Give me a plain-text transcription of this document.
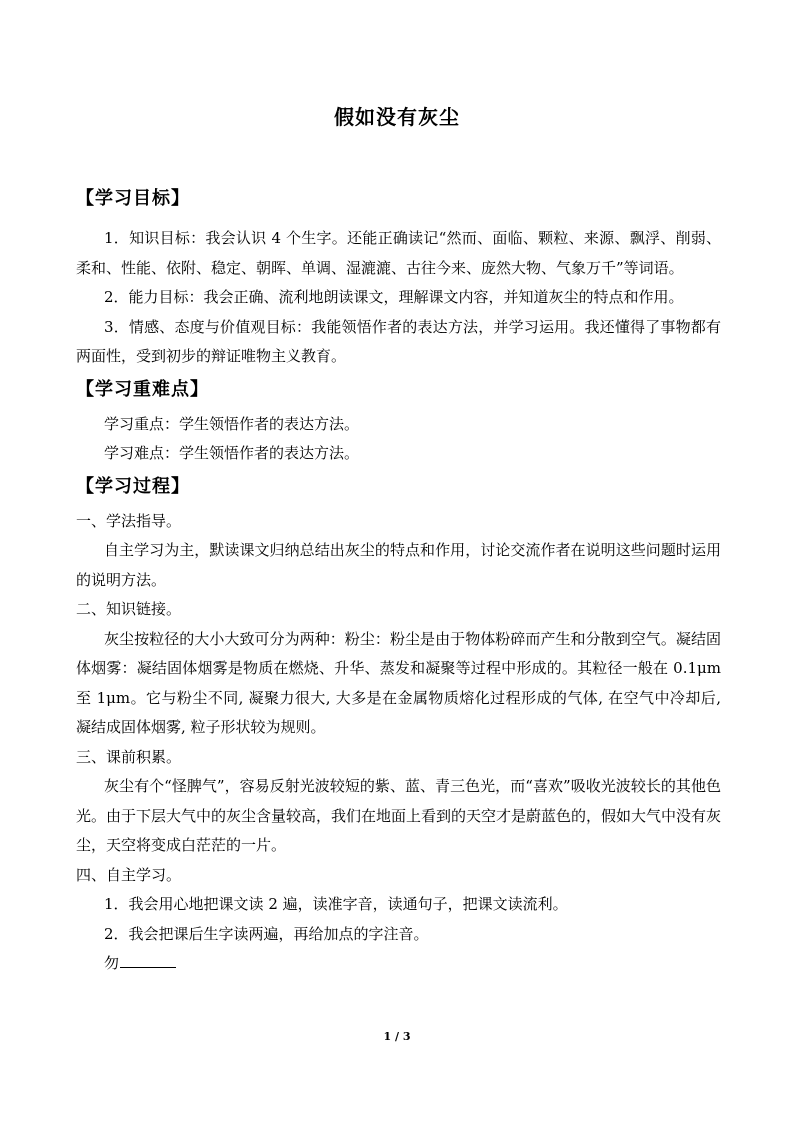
假如没有灰尘
【学习目标】

1．知识目标：我会认识 4 个生字。还能正确读记“然而、面临、颗粒、来源、飘浮、削弱、柔和、性能、依附、稳定、朝晖、单调、湿漉漉、古往今来、庞然大物、气象万千”等词语。

2．能力目标：我会正确、流利地朗读课文，理解课文内容，并知道灰尘的特点和作用。

3．情感、态度与价值观目标：我能领悟作者的表达方法，并学习运用。我还懂得了事物都有两面性，受到初步的辩证唯物主义教育。

【学习重难点】

学习重点：学生领悟作者的表达方法。

学习难点：学生领悟作者的表达方法。

【学习过程】

一、学法指导。

自主学习为主，默读课文归纳总结出灰尘的特点和作用，讨论交流作者在说明这些问题时运用的说明方法。

二、知识链接。

灰尘按粒径的大小大致可分为两种：粉尘：粉尘是由于物体粉碎而产生和分散到空气。凝结固体烟雾：凝结固体烟雾是物质在燃烧、升华、蒸发和凝聚等过程中形成的。其粒径一般在 0.1μm 至 1μm。它与粉尘不同, 凝聚力很大, 大多是在金属物质熔化过程形成的气体, 在空气中冷却后, 凝结成固体烟雾, 粒子形状较为规则。

三、课前积累。

灰尘有个“怪脾气”，容易反射光波较短的紫、蓝、青三色光，而“喜欢”吸收光波较长的其他色光。由于下层大气中的灰尘含量较高，我们在地面上看到的天空才是蔚蓝色的，假如大气中没有灰尘，天空将变成白茫茫的一片。

四、自主学习。

1．我会用心地把课文读 2 遍，读准字音，读通句子，把课文读流利。

2．我会把课后生字读两遍，再给加点的字注音。

勿

1 / 3
